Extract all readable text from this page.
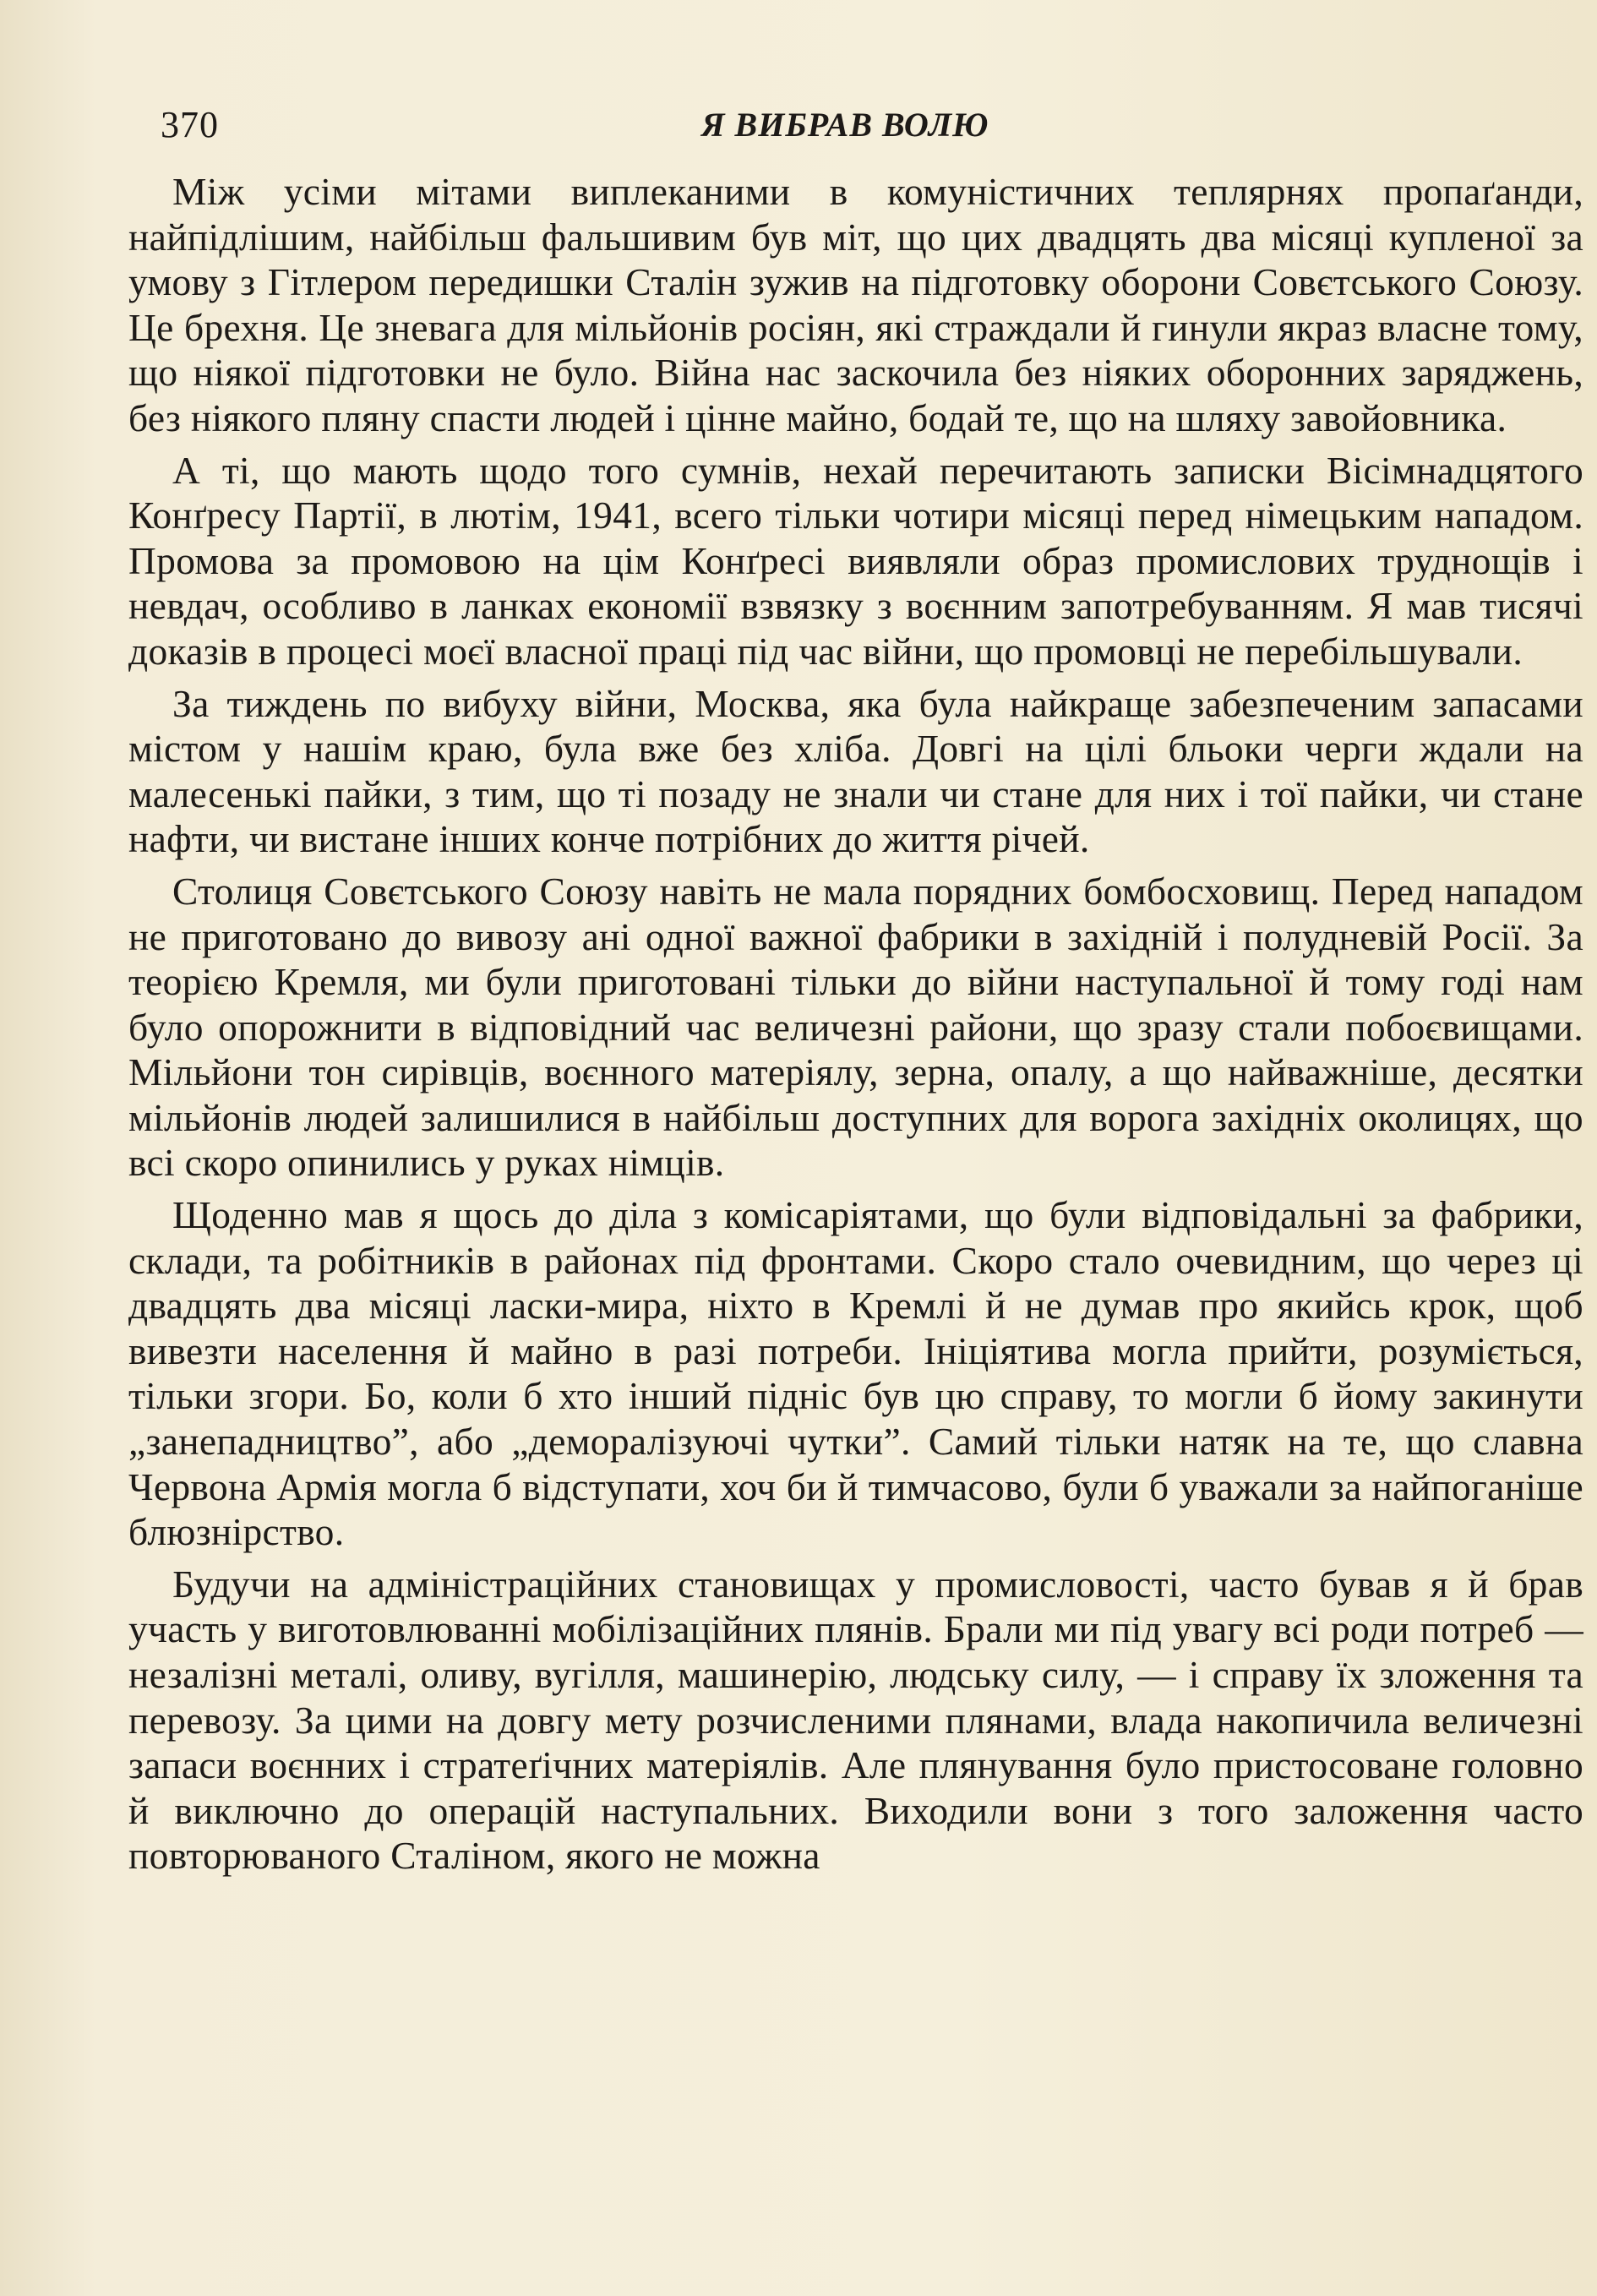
370	Я ВИБРАВ ВОЛЮ

Між усіми мітами виплеканими в комуністичних теплярнях пропаґанди, найпідлішим, найбільш фальшивим був міт, що цих двадцять два місяці купленої за умову з Гітлером передишки Сталін зужив на підготовку оборони Совєтського Союзу. Це брехня. Це зневага для мільйонів росіян, які страждали й гинули якраз власне тому, що ніякої підготовки не було. Війна нас заскочила без ніяких оборонних заряджень, без ніякого пляну спасти людей і цінне майно, бодай те, що на шляху завойовника.

А ті, що мають щодо того сумнів, нехай перечитають записки Вісімнадцятого Конґресу Партії, в лютім, 1941, всего тільки чотири місяці перед німецьким нападом. Промова за промовою на цім Конґресі виявляли образ промислових труднощів і невдач, особливо в ланках економії взвязку з воєнним запотребуванням. Я мав тисячі доказів в процесі моєї власної праці під час війни, що промовці не перебільшували.

За тиждень по вибуху війни, Москва, яка була найкраще забезпеченим запасами містом у нашім краю, була вже без хліба. Довгі на цілі бльоки черги ждали на малесенькі пайки, з тим, що ті позаду не знали чи стане для них і тої пайки, чи стане нафти, чи вистане інших конче потрібних до життя річей.

Столиця Совєтського Союзу навіть не мала порядних бомбосховищ. Перед нападом не приготовано до вивозу ані одної важної фабрики в західній і полудневій Росії. За теорією Кремля, ми були приготовані тільки до війни наступальної й тому годі нам було опорожнити в відповідний час величезні райони, що зразу стали побоєвищами. Мільйони тон сирівців, воєнного матеріялу, зерна, опалу, а що найважніше, десятки мільйонів людей залишилися в найбільш доступних для ворога західніх околицях, що всі скоро опинились у руках німців.

Щоденно мав я щось до діла з комісаріятами, що були відповідальні за фабрики, склади, та робітників в районах під фронтами. Скоро стало очевидним, що через ці двадцять два місяці ласки-мира, ніхто в Кремлі й не думав про якийсь крок, щоб вивезти населення й майно в разі потреби. Ініціятива могла прийти, розуміється, тільки згори. Бо, коли б хто інший підніс був цю справу, то могли б йому закинути „занепадництво”, або „деморалізуючі чутки”. Самий тільки натяк на те, що славна Червона Армія могла б відступати, хоч би й тимчасово, були б уважали за найпоганіше блюзнірство.

Будучи на адміністраційних становищах у промисловості, часто бував я й брав участь у виготовлюванні мобілізаційних плянів. Брали ми під увагу всі роди потреб — незалізні металі, оливу, вугілля, машинерію, людську силу, — і справу їх зложення та перевозу. За цими на довгу мету розчисленими плянами, влада накопичила величезні запаси воєнних і стратеґічних матеріялів. Але плянування було пристосоване головно й виключно до операцій наступальних. Виходили вони з того заложення часто повторюваного Сталіном, якого не можна
